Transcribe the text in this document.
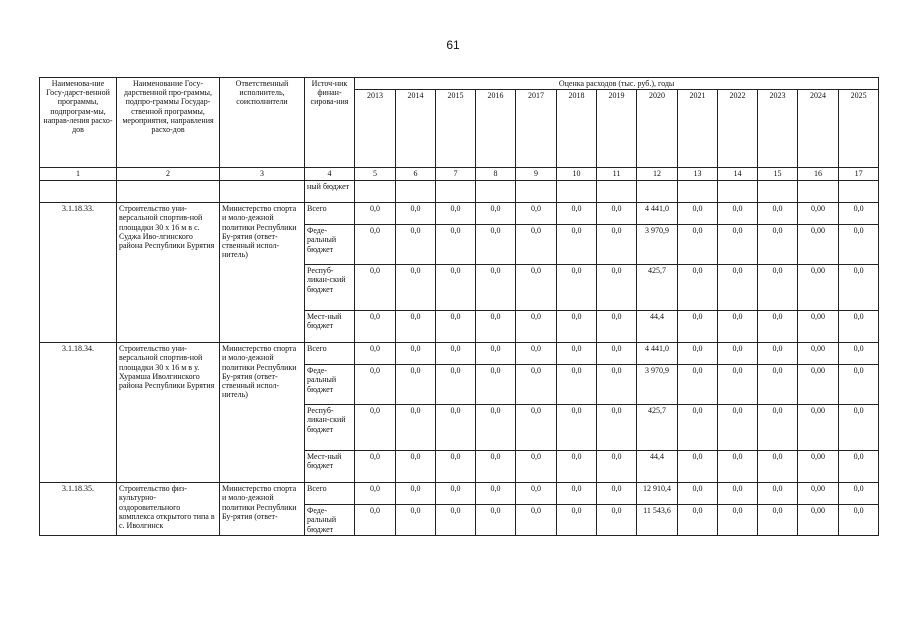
61
Наименова-ние Госу-дарст-венной программы, подпрограм-мы, направ-ления расхо-дов	Наименование Госу-дарственной про-граммы, подпро-граммы Государ-ственной программы, мероприятия, направления расхо-дов	Ответственный исполнитель, соисполнители	Источ-ник финан-сирова-ния	Оценка расходов (тыс. руб.), годы												
				2013	2014	2015	2016	2017	2018	2019	2020	2021	2022	2023	2024	2025
1	2	3	4	5	6	7	8	9	10	11	12	13	14	15	16	17
			ный бюджет													
3.1.18.33.	Строительство уни-версальной спортив-ной площадки 30 х 16 м в с. Суджа Иво-лгинского района Республики Бурятия	Министерство спорта и моло-дежной политики Республики Бу-рятия (ответ-ственный испол-нитель)	Всего	0,0	0,0	0,0	0,0	0,0	0,0	0,0	4 441,0	0,0	0,0	0,0	0,00	0,0
			Феде-ральный бюджет	0,0	0,0	0,0	0,0	0,0	0,0	0,0	3 970,9	0,0	0,0	0,0	0,00	0,0
			Респуб-ликан-ский бюджет	0,0	0,0	0,0	0,0	0,0	0,0	0,0	425,7	0,0	0,0	0,0	0,00	0,0
			Мест-ный бюджет	0,0	0,0	0,0	0,0	0,0	0,0	0,0	44,4	0,0	0,0	0,0	0,00	0,0
3.1.18.34.	Строительство уни-версальной спортив-ной площадки 30 х 16 м в у. Хурамша Иволгинского района Республики Бурятия	Министерство спорта и моло-дежной политики Республики Бу-рятия (ответ-ственный испол-нитель)	Всего	0,0	0,0	0,0	0,0	0,0	0,0	0,0	4 441,0	0,0	0,0	0,0	0,00	0,0
			Феде-ральный бюджет	0,0	0,0	0,0	0,0	0,0	0,0	0,0	3 970,9	0,0	0,0	0,0	0,00	0,0
			Респуб-ликан-ский бюджет	0,0	0,0	0,0	0,0	0,0	0,0	0,0	425,7	0,0	0,0	0,0	0,00	0,0
			Мест-ный бюджет	0,0	0,0	0,0	0,0	0,0	0,0	0,0	44,4	0,0	0,0	0,0	0,00	0,0
3.1.18.35.	Строительство физ-культурно-оздоровительного комплекса открытого типа в с. Иволгинск	Министерство спорта и моло-дежной политики Республики Бу-рятия (ответ-	Всего	0,0	0,0	0,0	0,0	0,0	0,0	0,0	12 910,4	0,0	0,0	0,0	0,00	0,0
			Феде-ральный бюджет	0,0	0,0	0,0	0,0	0,0	0,0	0,0	11 543,6	0,0	0,0	0,0	0,00	0,0
